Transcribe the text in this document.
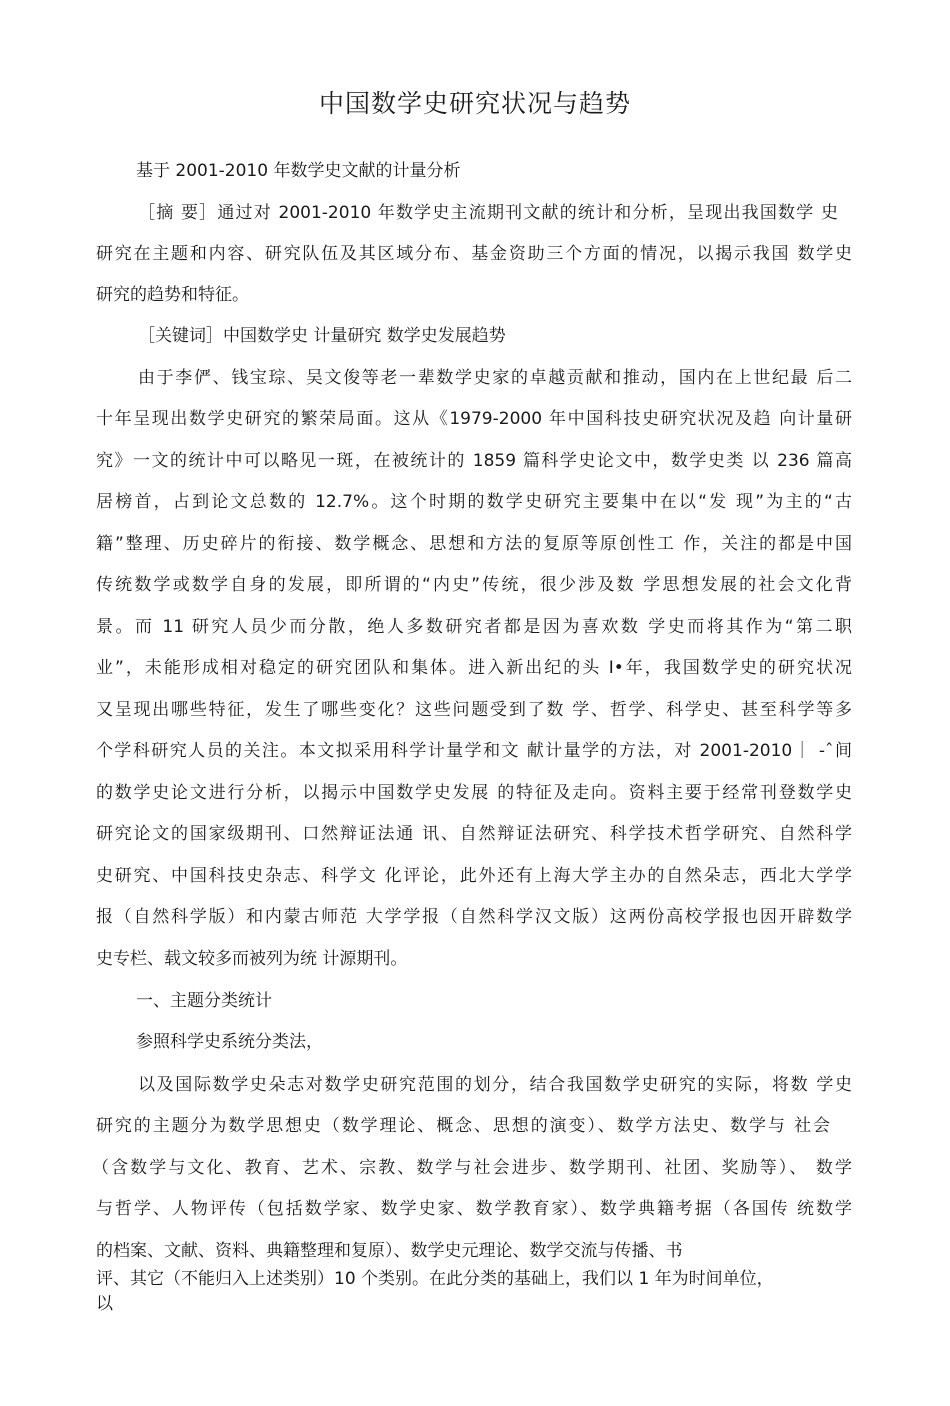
中国数学史研究状况与趋势

基于 2001-2010 年数学史文献的计量分析

［摘 要］通过对 2001-2010 年数学史主流期刊文献的统计和分析，呈现出我国数学 史

研究在主题和内容、研究队伍及其区域分布、基金资助三个方面的情况，以揭示我国 数学史

研究的趋势和特征。

［关键词］中国数学史 计量研究 数学史发展趋势

由于李俨、钱宝琮、吴文俊等老一辈数学史家的卓越贡献和推动，国内在上世纪最 后二

十年呈现出数学史研究的繁荣局面。这从《1979-2000 年中国科技史研究状况及趋 向计量研

究》一文的统计中可以略见一斑，在被统计的 1859 篇科学史论文中，数学史类 以 236 篇高

居榜首，占到论文总数的 12.7%。这个时期的数学史研究主要集中在以“发 现”为主的“古

籍”整理、历史碎片的衔接、数学概念、思想和方法的复原等原创性工 作，关注的都是中国

传统数学或数学自身的发展，即所谓的“内史”传统，很少涉及数 学思想发展的社会文化背

景。而 11 研究人员少而分散，绝人多数研究者都是因为喜欢数 学史而将其作为“第二职

业”，未能形成相对稳定的研究团队和集体。进入新出纪的头 I•年，我国数学史的研究状况

又呈现出哪些特征，发生了哪些变化？这些问题受到了数 学、哲学、科学史、甚至科学等多

个学科研究人员的关注。本文拟采用科学计量学和文 献计量学的方法，对 2001-2010｜ -ˆ间

的数学史论文进行分析，以揭示中国数学史发展 的特征及走向。资料主要于经常刊登数学史

研究论文的国家级期刊、口然辩证法通 讯、自然辩证法研究、科学技术哲学研究、自然科学

史研究、中国科技史杂志、科学文 化评论，此外还有上海大学主办的自然朵志，西北大学学

报（自然科学版）和内蒙古师范 大学学报（自然科学汉文版）这两份高校学报也因开辟数学

史专栏、载文较多而被列为统 计源期刊。

一、主题分类统计

参照科学史系统分类法，

以及国际数学史朵志对数学史研究范围的划分，结合我国数学史研究的实际，将数 学史

研究的主题分为数学思想史（数学理论、概念、思想的演变）、数学方法史、数学与 社会

（含数学与文化、教育、艺术、宗教、数学与社会进步、数学期刊、社团、奖励等）、 数学

与哲学、人物评传（包括数学家、数学史家、数学教育家）、数学典籍考据（各国传 统数学

的档案、文献、资料、典籍整理和复原）、数学史元理论、数学交流与传播、书

评、其它（不能归入上述类别）10 个类别。在此分类的基础上，我们以 1 年为时间单位，

以
